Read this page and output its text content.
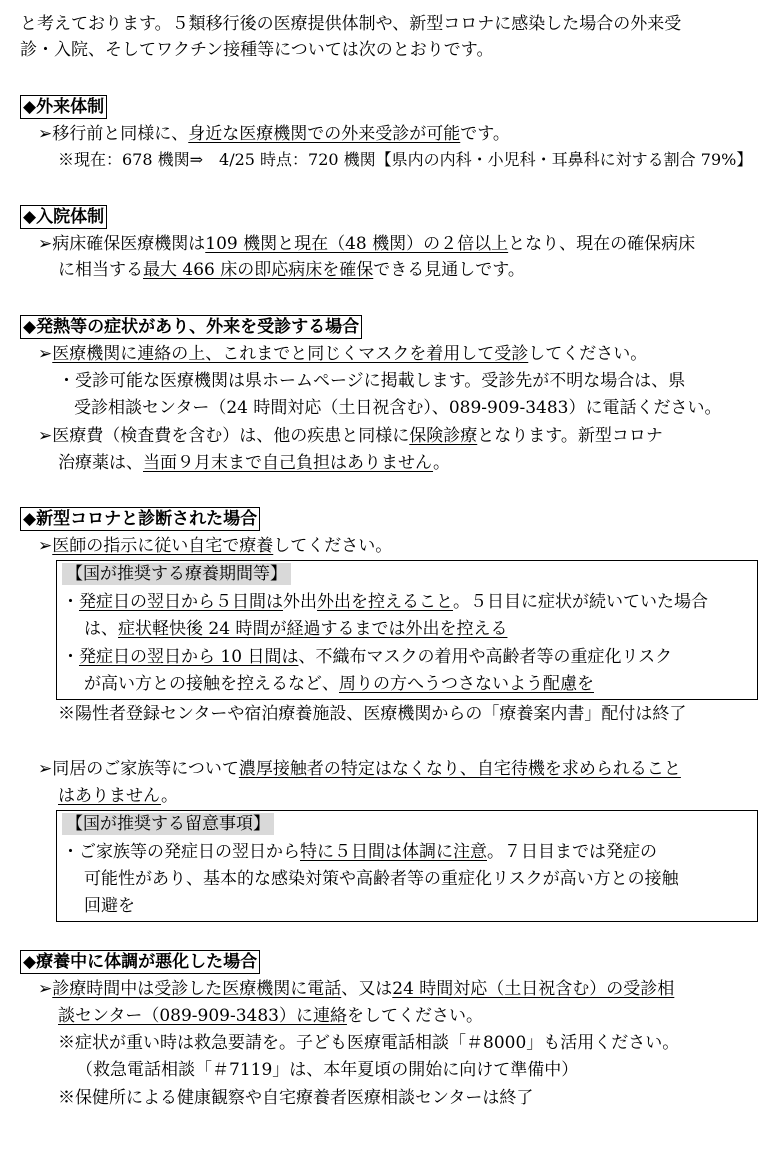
と考えております。５類移行後の医療提供体制や、新型コロナに感染した場合の外来受
診・入院、そしてワクチン接種等については次のとおりです。
◆外来体制
➢移行前と同様に、身近な医療機関での外来受診が可能です。
※現在：678 機関⇒　4/25 時点：720 機関【県内の内科・小児科・耳鼻科に対する割合 79%】
◆入院体制
➢病床確保医療機関は109 機関と現在（48 機関）の２倍以上となり、現在の確保病床
に相当する最大 466 床の即応病床を確保できる見通しです。
◆発熱等の症状があり、外来を受診する場合
➢医療機関に連絡の上、これまでと同じくマスクを着用して受診してください。
・受診可能な医療機関は県ホームページに掲載します。受診先が不明な場合は、県
受診相談センター（24 時間対応（土日祝含む）、089-909-3483）に電話ください。
➢医療費（検査費を含む）は、他の疾患と同様に保険診療となります。新型コロナ
治療薬は、当面９月末まで自己負担はありません。
◆新型コロナと診断された場合
➢医師の指示に従い自宅で療養してください。
【国が推奨する療養期間等】
・発症日の翌日から５日間は外出外出を控えること。５日目に症状が続いていた場合
は、症状軽快後 24 時間が経過するまでは外出を控える
・発症日の翌日から 10 日間は、不織布マスクの着用や高齢者等の重症化リスク
が高い方との接触を控えるなど、周りの方へうつさないよう配慮を
※陽性者登録センターや宿泊療養施設、医療機関からの「療養案内書」配付は終了
➢同居のご家族等について濃厚接触者の特定はなくなり、自宅待機を求められること
はありません。
【国が推奨する留意事項】
・ご家族等の発症日の翌日から特に５日間は体調に注意。７日目までは発症の
可能性があり、基本的な感染対策や高齢者等の重症化リスクが高い方との接触
回避を
◆療養中に体調が悪化した場合
➢診療時間中は受診した医療機関に電話、又は24 時間対応（土日祝含む）の受診相
談センター（089-909-3483）に連絡をしてください。
※症状が重い時は救急要請を。子ども医療電話相談「＃8000」も活用ください。
（救急電話相談「＃7119」は、本年夏頃の開始に向けて準備中）
※保健所による健康観察や自宅療養者医療相談センターは終了
